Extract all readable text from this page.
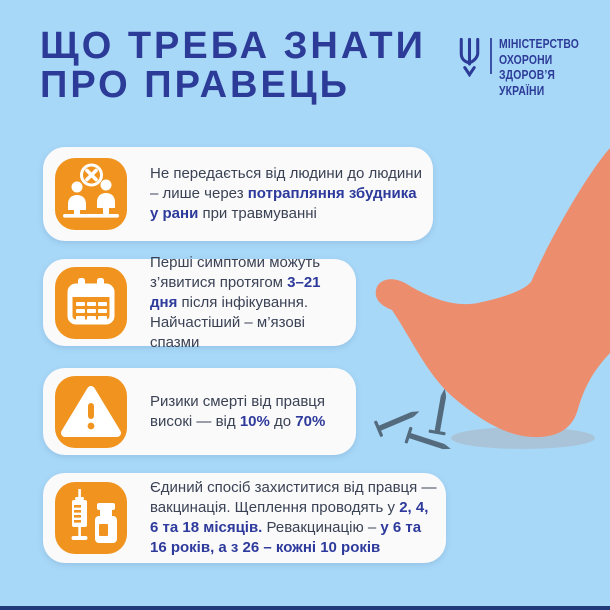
ЩО ТРЕБА ЗНАТИ
ПРО ПРАВЕЦЬ
МІНІСТЕРСТВО
ОХОРОНИ
ЗДОРОВ’Я
УКРАЇНИ

Не передається від людини до людини – лише через потрапляння збудника у рани при травмуванні

Перші симптоми можуть з’явитися протягом 3–21 дня після інфікування. Найчастіший – м’язові спазми

Ризики смерті від правця високі — від 10% до 70%

Єдиний спосіб захиститися від правця — вакцинація. Щеплення проводять у 2, 4, 6 та 18 місяців. Ревакцинацію – у 6 та 16 років, а з 26 – кожні 10 років
